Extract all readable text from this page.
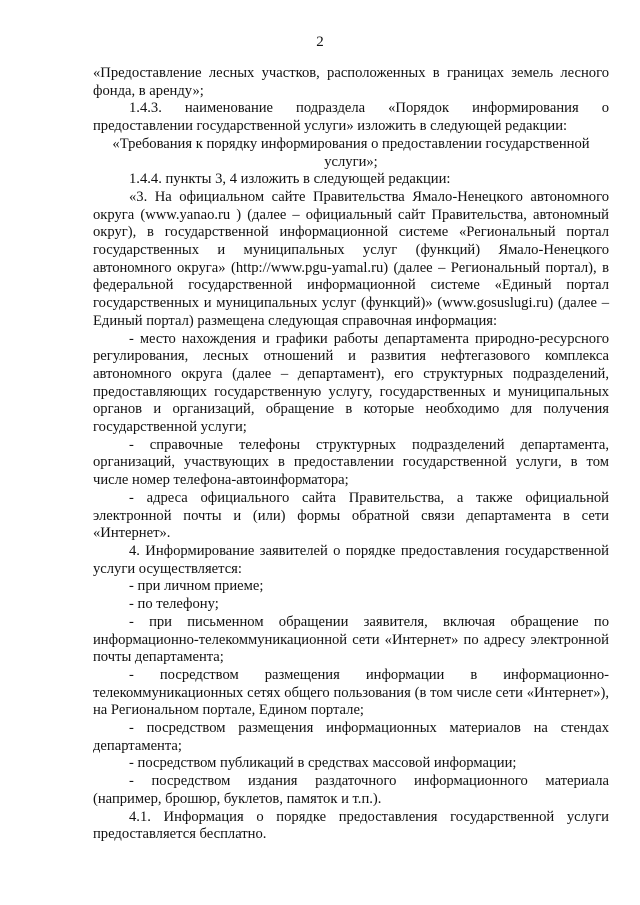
2

«Предоставление лесных участков, расположенных в границах земель лесного фонда, в аренду»;

1.4.3. наименование подраздела «Порядок информирования о предоставлении государственной услуги» изложить в следующей редакции:

«Требования к порядку информирования о предоставлении государственной услуги»;

1.4.4. пункты 3, 4 изложить в следующей редакции:

«3. На официальном сайте Правительства Ямало-Ненецкого автономного округа (www.yanao.ru ) (далее – официальный сайт Правительства, автономный округ), в государственной информационной системе «Региональный портал государственных и муниципальных услуг (функций) Ямало-Ненецкого автономного округа» (http://www.pgu-yamal.ru) (далее – Региональный портал), в федеральной государственной информационной системе «Единый портал государственных и муниципальных услуг (функций)» (www.gosuslugi.ru) (далее – Единый портал) размещена следующая справочная информация:

- место нахождения и графики работы департамента природно-ресурсного регулирования, лесных отношений и развития нефтегазового комплекса автономного округа (далее – департамент), его структурных подразделений, предоставляющих государственную услугу, государственных и муниципальных органов и организаций, обращение в которые необходимо для получения государственной услуги;

- справочные телефоны структурных подразделений департамента, организаций, участвующих в предоставлении государственной услуги, в том числе номер телефона-автоинформатора;

- адреса официального сайта Правительства, а также официальной электронной почты и (или) формы обратной связи департамента в сети «Интернет».

4. Информирование заявителей о порядке предоставления государственной услуги осуществляется:

- при личном приеме;

- по телефону;

- при письменном обращении заявителя, включая обращение по информационно-телекоммуникационной сети «Интернет» по адресу электронной почты департамента;

- посредством размещения информации в информационно-телекоммуникационных сетях общего пользования (в том числе сети «Интернет»), на Региональном портале, Едином портале;

- посредством размещения информационных материалов на стендах департамента;

- посредством публикаций в средствах массовой информации;

- посредством издания раздаточного информационного материала (например, брошюр, буклетов, памяток и т.п.).

4.1. Информация о порядке предоставления государственной услуги предоставляется бесплатно.
